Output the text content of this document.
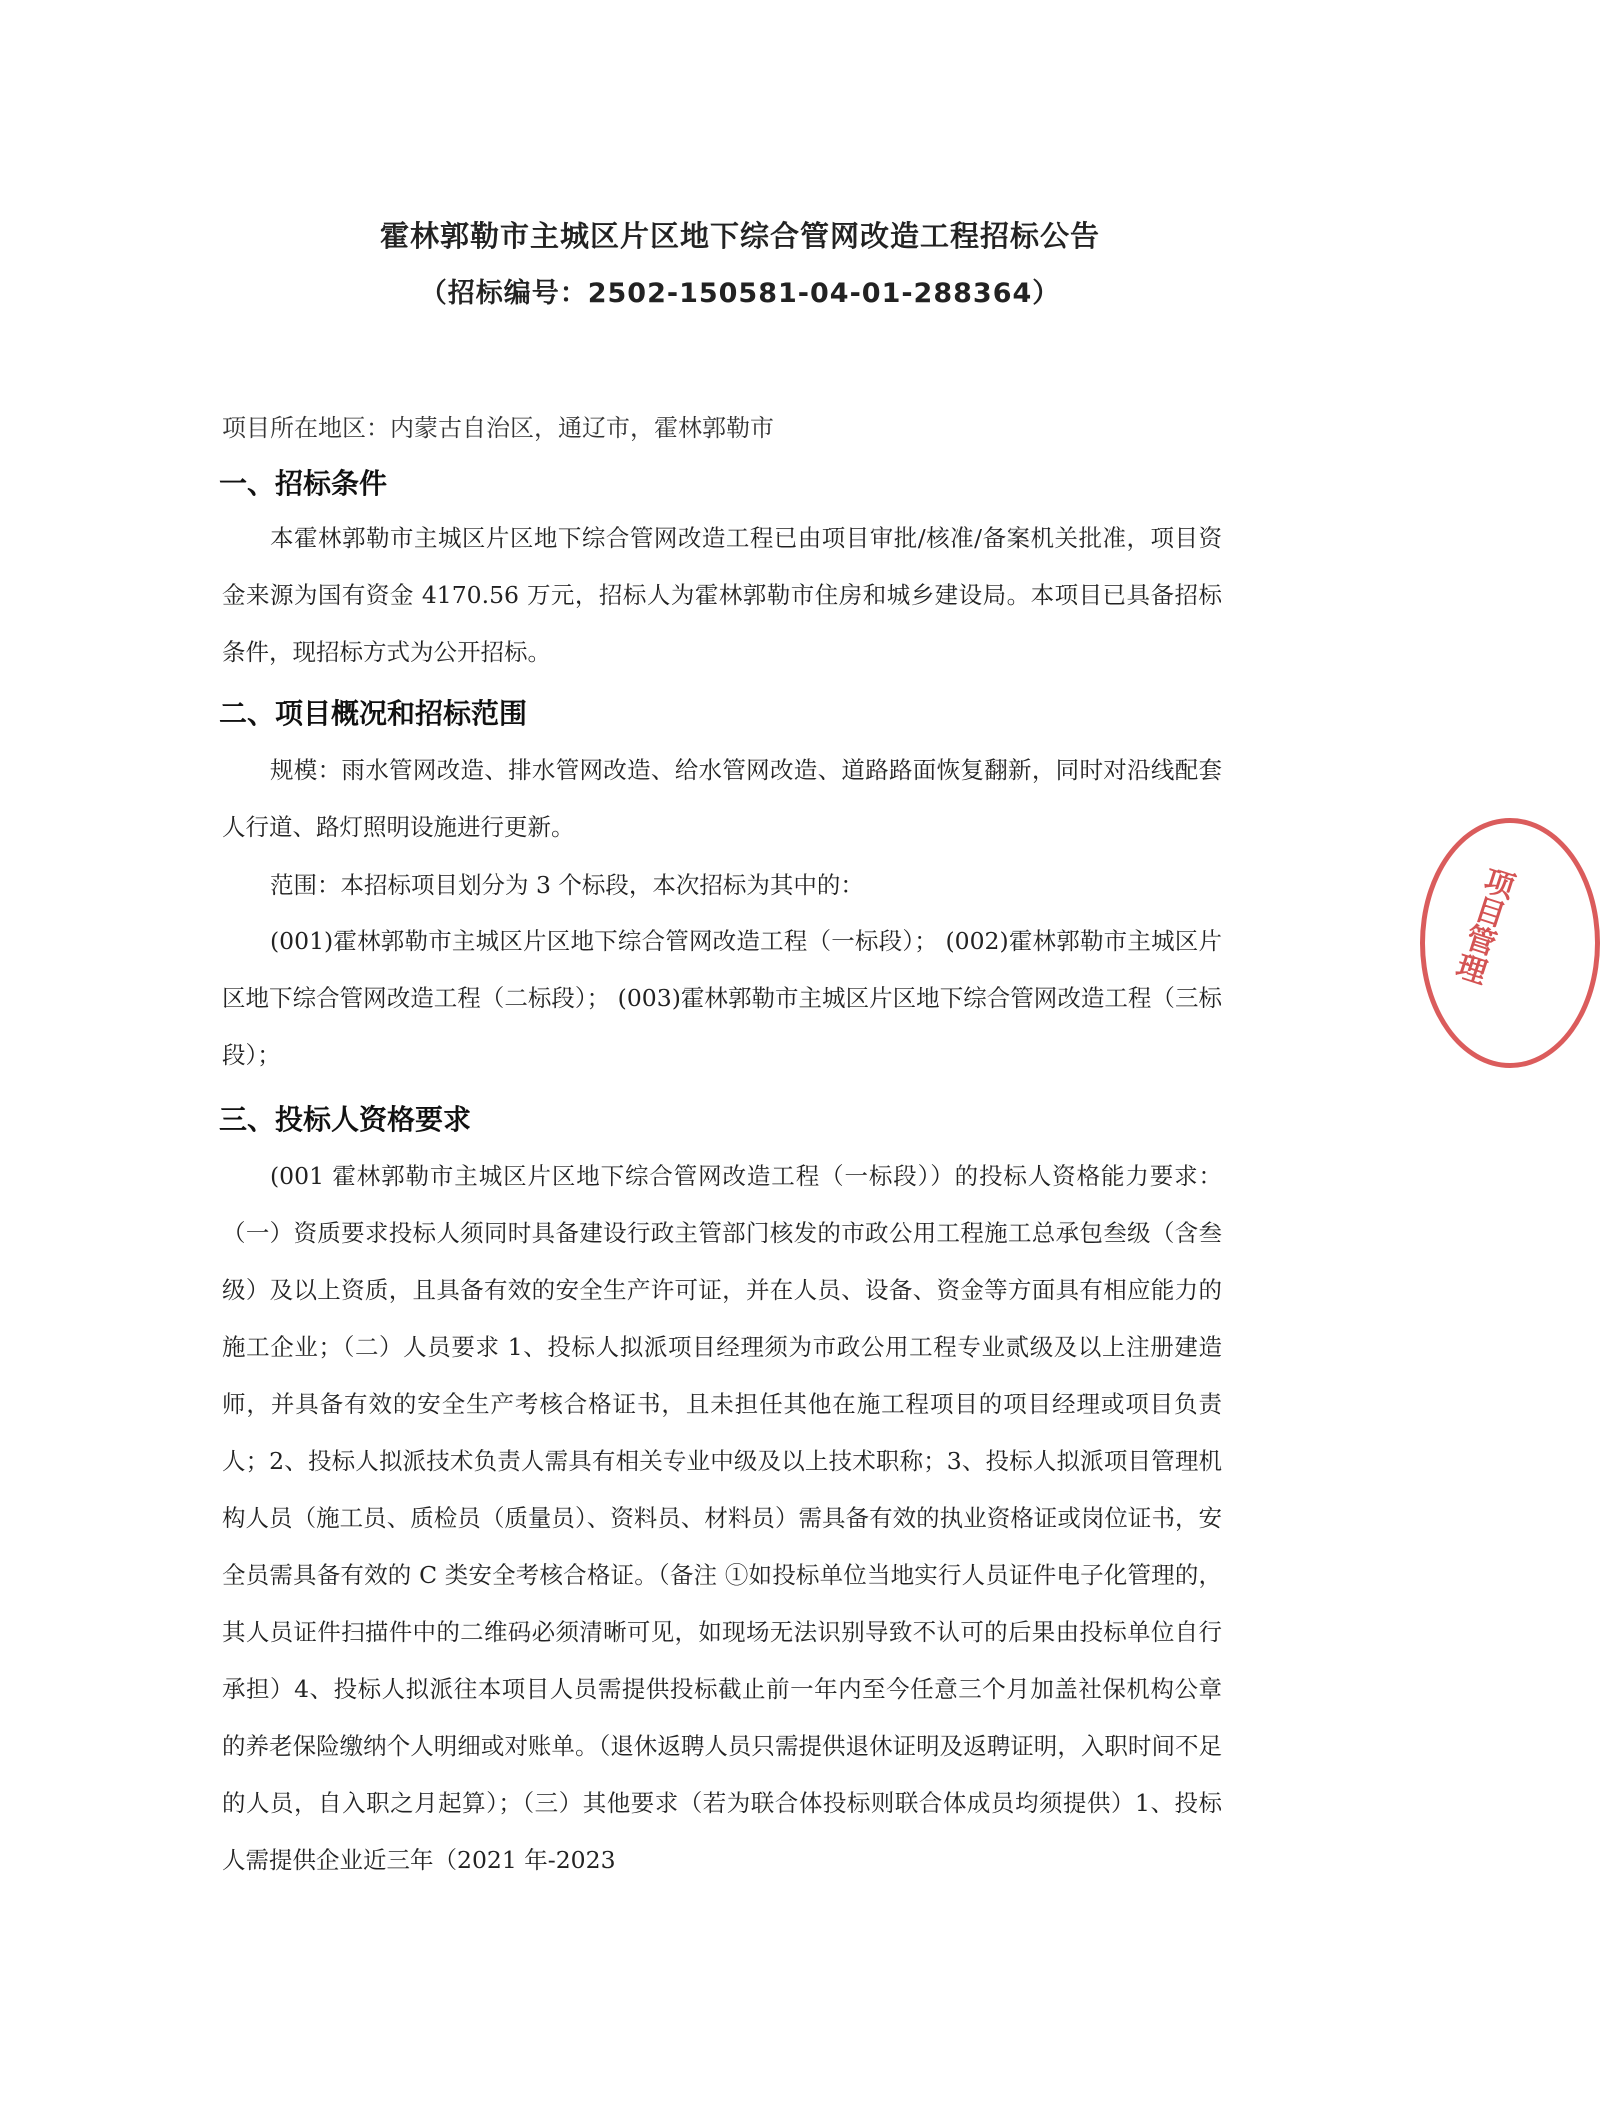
霍林郭勒市主城区片区地下综合管网改造工程招标公告
（招标编号：2502-150581-04-01-288364）
项目所在地区：内蒙古自治区，通辽市，霍林郭勒市
一、招标条件
本霍林郭勒市主城区片区地下综合管网改造工程已由项目审批/核准/备案机关批准，项目资金来源为国有资金 4170.56 万元，招标人为霍林郭勒市住房和城乡建设局。本项目已具备招标条件，现招标方式为公开招标。
二、项目概况和招标范围
规模：雨水管网改造、排水管网改造、给水管网改造、道路路面恢复翻新，同时对沿线配套人行道、路灯照明设施进行更新。
范围：本招标项目划分为 3 个标段，本次招标为其中的：
(001)霍林郭勒市主城区片区地下综合管网改造工程（一标段）； (002)霍林郭勒市主城区片区地下综合管网改造工程（二标段）； (003)霍林郭勒市主城区片区地下综合管网改造工程（三标段）；
三、投标人资格要求
(001 霍林郭勒市主城区片区地下综合管网改造工程（一标段））的投标人资格能力要求：（一）资质要求投标人须同时具备建设行政主管部门核发的市政公用工程施工总承包叁级（含叁级）及以上资质，且具备有效的安全生产许可证，并在人员、设备、资金等方面具有相应能力的施工企业；（二）人员要求 1、投标人拟派项目经理须为市政公用工程专业贰级及以上注册建造师，并具备有效的安全生产考核合格证书，且未担任其他在施工程项目的项目经理或项目负责人；2、投标人拟派技术负责人需具有相关专业中级及以上技术职称；3、投标人拟派项目管理机构人员（施工员、质检员（质量员）、资料员、材料员）需具备有效的执业资格证或岗位证书，安全员需具备有效的 C 类安全考核合格证。（备注 ①如投标单位当地实行人员证件电子化管理的，其人员证件扫描件中的二维码必须清晰可见，如现场无法识别导致不认可的后果由投标单位自行承担）4、投标人拟派往本项目人员需提供投标截止前一年内至今任意三个月加盖社保机构公章的养老保险缴纳个人明细或对账单。（退休返聘人员只需提供退休证明及返聘证明，入职时间不足的人员，自入职之月起算）；（三）其他要求（若为联合体投标则联合体成员均须提供）1、投标人需提供企业近三年（2021 年-2023
项目管理
